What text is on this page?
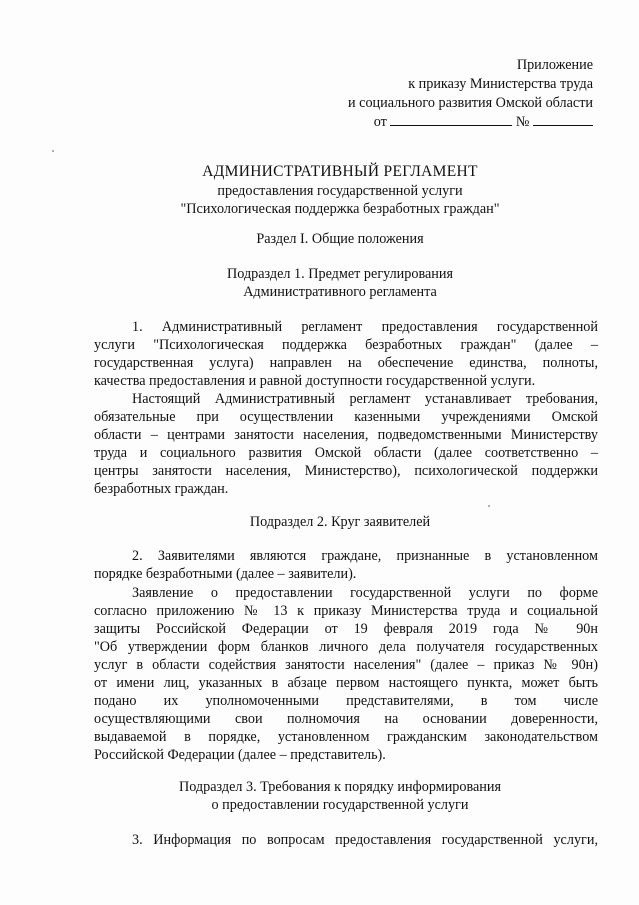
Приложение
к приказу Министерства труда
и социального развития Омской области
от	№
АДМИНИСТРАТИВНЫЙ РЕГЛАМЕНТ
предоставления государственной услуги
"Психологическая поддержка безработных граждан"
Раздел I. Общие положения
Подраздел 1. Предмет регулирования
Административного регламента
1. Административный регламент предоставления государственной
услуги "Психологическая поддержка безработных граждан" (далее –
государственная услуга) направлен на обеспечение единства, полноты,
качества предоставления и равной доступности государственной услуги.
Настоящий Административный регламент устанавливает требования,
обязательные при осуществлении казенными учреждениями Омской
области – центрами занятости населения, подведомственными Министерству
труда и социального развития Омской области (далее соответственно –
центры занятости населения, Министерство), психологической поддержки
безработных граждан.
Подраздел 2. Круг заявителей
2. Заявителями являются граждане, признанные в установленном
порядке безработными (далее – заявители).
Заявление о предоставлении государственной услуги по форме
согласно приложению № 13 к приказу Министерства труда и социальной
защиты Российской Федерации от 19 февраля 2019 года № 90н
"Об утверждении форм бланков личного дела получателя государственных
услуг в области содействия занятости населения" (далее – приказ № 90н)
от имени лиц, указанных в абзаце первом настоящего пункта, может быть
подано их уполномоченными представителями, в том числе
осуществляющими свои полномочия на основании доверенности,
выдаваемой в порядке, установленном гражданским законодательством
Российской Федерации (далее – представитель).
Подраздел 3. Требования к порядку информирования
о предоставлении государственной услуги
3. Информация по вопросам предоставления государственной услуги,
